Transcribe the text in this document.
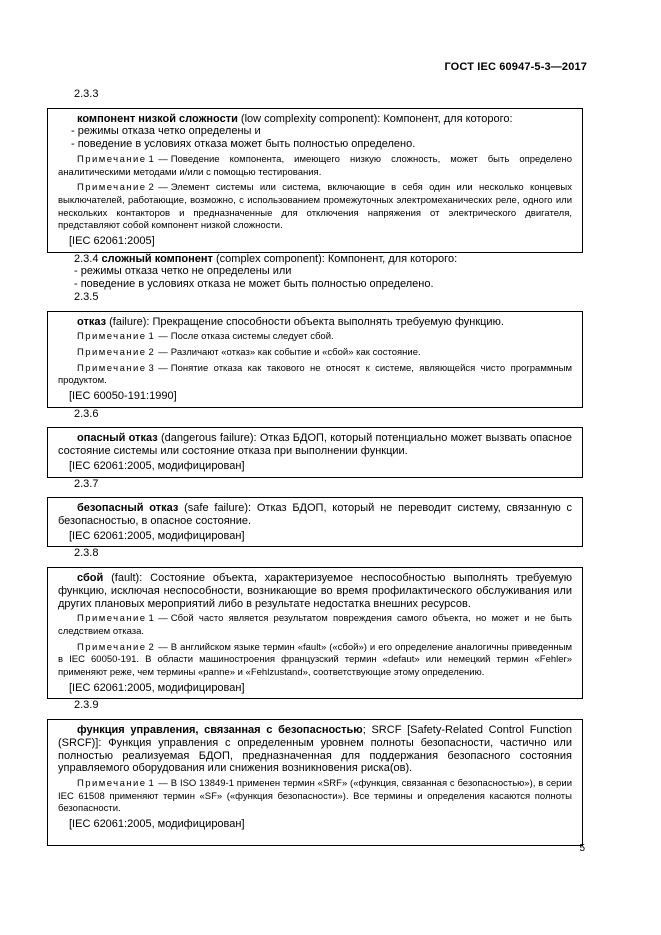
ГОСТ IEC 60947-5-3—2017

2.3.3

компонент низкой сложности (low complexity component): Компонент, для которого:

- режимы отказа четко определены и

- поведение в условиях отказа может быть полностью определено.

Примечание 1 — Поведение компонента, имеющего низкую сложность, может быть определено аналитическими методами и/или с помощью тестирования.

Примечание 2 — Элемент системы или система, включающие в себя один или несколько концевых выключателей, работающие, возможно, с использованием промежуточных электромеханических реле, одного или нескольких контакторов и предназначенные для отключения напряжения от электрического двигателя, представляют собой компонент низкой сложности.

[IEC 62061:2005]

2.3.4 сложный компонент (complex component): Компонент, для которого:

- режимы отказа четко не определены или

- поведение в условиях отказа не может быть полностью определено.

2.3.5

отказ (failure): Прекращение способности объекта выполнять требуемую функцию.

Примечание 1 — После отказа системы следует сбой.

Примечание 2 — Различают «отказ» как событие и «сбой» как состояние.

Примечание 3 — Понятие отказа как такового не относят к системе, являющейся чисто программным продуктом.

[IEC 60050-191:1990]

2.3.6

опасный отказ (dangerous failure): Отказ БДОП, который потенциально может вызвать опасное состояние системы или состояние отказа при выполнении функции.

[IEC 62061:2005, модифицирован]

2.3.7

безопасный отказ (safe failure): Отказ БДОП, который не переводит систему, связанную с безопасностью, в опасное состояние.

[IEC 62061:2005, модифицирован]

2.3.8

сбой (fault): Состояние объекта, характеризуемое неспособностью выполнять требуемую функцию, исключая неспособности, возникающие во время профилактического обслуживания или других плановых мероприятий либо в результате недостатка внешних ресурсов.

Примечание 1 — Сбой часто является результатом повреждения самого объекта, но может и не быть следствием отказа.

Примечание 2 — В английском языке термин «fault» («сбой») и его определение аналогичны приведенным в IEC 60050-191. В области машиностроения французский термин «defaut» или немецкий термин «Fehler» применяют реже, чем термины «panne» и «Fehlzustand», соответствующие этому определению.

[IEC 62061:2005, модифицирован]

2.3.9

функция управления, связанная с безопасностью; SRCF [Safety-Related Control Function (SRCF)]: Функция управления с определенным уровнем полноты безопасности, частично или полностью реализуемая БДОП, предназначенная для поддержания безопасного состояния управляемого оборудования или снижения возникновения риска(ов).

Примечание 1 — В ISO 13849-1 применен термин «SRF» («функция, связанная с безопасностью»), в серии IEC 61508 применяют термин «SF» («функция безопасности»). Все термины и определения касаются полноты безопасности.

[IEC 62061:2005, модифицирован]

5
